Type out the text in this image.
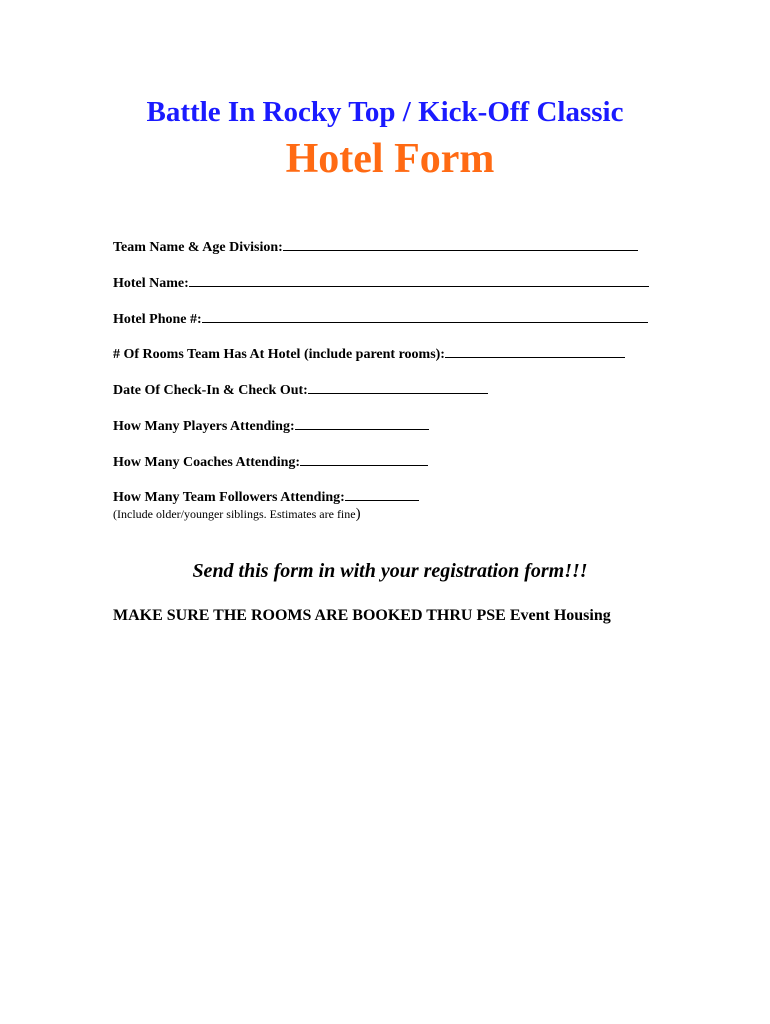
Battle In Rocky Top / Kick-Off Classic
Hotel Form
Team Name & Age Division:
Hotel Name:
Hotel Phone #:
# Of Rooms Team Has At Hotel (include parent rooms):
Date Of Check-In & Check Out:
How Many Players Attending:
How Many Coaches Attending:
How Many Team Followers Attending:
(Include older/younger siblings. Estimates are fine)
Send this form in with your registration form!!!
MAKE SURE THE ROOMS ARE BOOKED THRU PSE Event Housing
